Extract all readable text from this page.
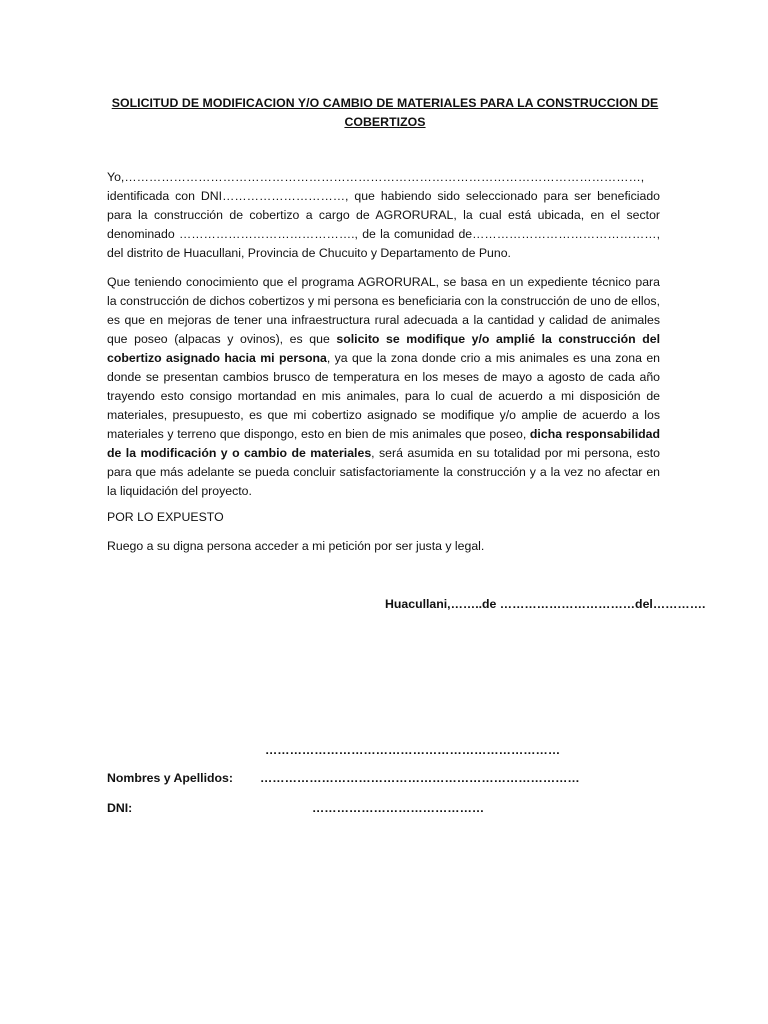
SOLICITUD DE MODIFICACION Y/O CAMBIO DE MATERIALES PARA LA CONSTRUCCION DE COBERTIZOS

Yo,………………………………………………………………………………………………………………, identificada con DNI…………………………, que habiendo sido seleccionado para ser beneficiado para la construcción de cobertizo a cargo de AGRORURAL, la cual está ubicada, en el sector denominado ……………………………………., de la comunidad de………………………………………, del distrito de Huacullani, Provincia de Chucuito y Departamento de Puno.

Que teniendo conocimiento que el programa AGRORURAL, se basa en un expediente técnico para la construcción de dichos cobertizos y mi persona es beneficiaria con la construcción de uno de ellos, es que en mejoras de tener una infraestructura rural adecuada a la cantidad y calidad de animales que poseo (alpacas y ovinos), es que solicito se modifique y/o amplié la construcción del cobertizo asignado hacia mi persona, ya que la zona donde crio a mis animales es una zona en donde se presentan cambios brusco de temperatura en los meses de mayo a agosto de cada año trayendo esto consigo mortandad en mis animales, para lo cual de acuerdo a mi disposición de materiales, presupuesto, es que mi cobertizo asignado se modifique y/o amplie de acuerdo a los materiales y terreno que dispongo, esto en bien de mis animales que poseo, dicha responsabilidad de la modificación y o cambio de materiales, será asumida en su totalidad por mi persona, esto para que más adelante se pueda concluir satisfactoriamente la construcción y a la vez no afectar en la liquidación del proyecto.

POR LO EXPUESTO

Ruego a su digna persona acceder a mi petición por ser justa y legal.

Huacullani,……..de ……………………………del………….
………………………………………………………………
Nombres y Apellidos: ……………………………………………………………………
DNI:	……………………………………
